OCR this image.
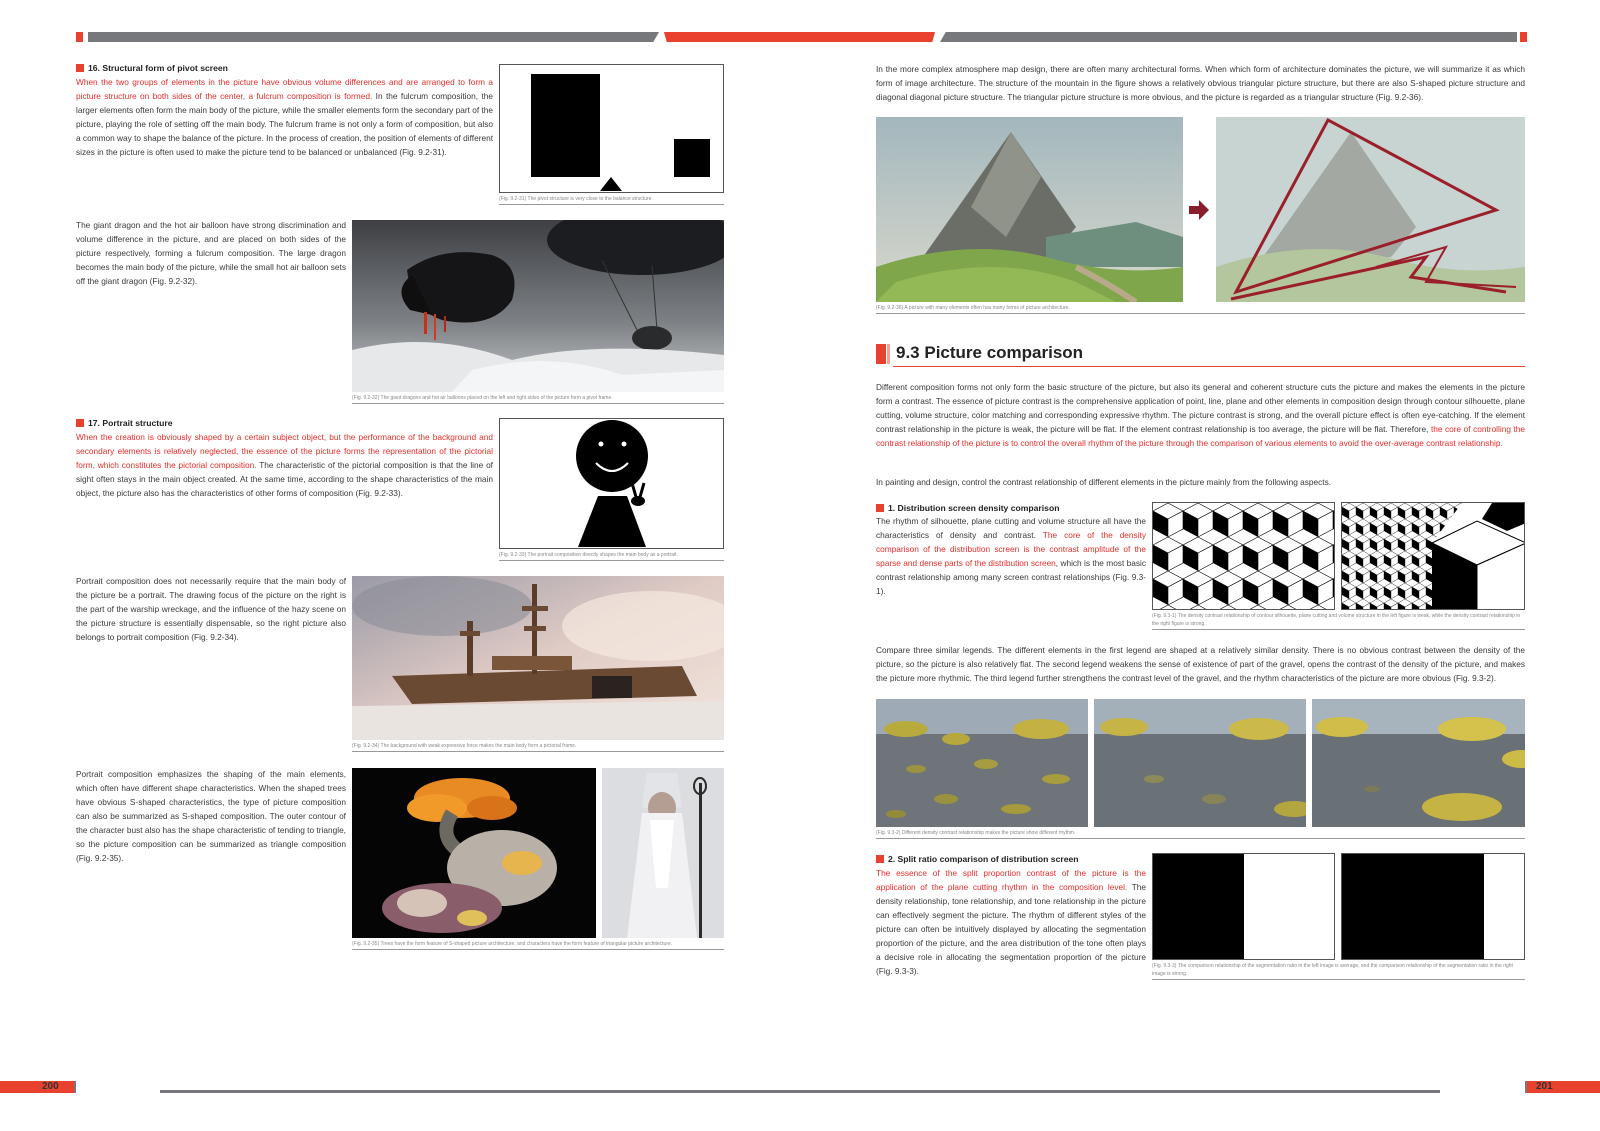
16. Structural form of pivot screen
When the two groups of elements in the picture have obvious volume differences and are arranged to form a picture structure on both sides of the center, a fulcrum composition is formed. In the fulcrum composition, the larger elements often form the main body of the picture, while the smaller elements form the secondary part of the picture, playing the role of setting off the main body. The fulcrum frame is not only a form of composition, but also a common way to shape the balance of the picture. In the process of creation, the position of elements of different sizes in the picture is often used to make the picture tend to be balanced or unbalanced (Fig. 9.2-31).
(Fig. 9.2-31) The pivot structure is very close to the balance structure.
The giant dragon and the hot air balloon have strong discrimination and volume difference in the picture, and are placed on both sides of the picture respectively, forming a fulcrum composition. The large dragon becomes the main body of the picture, while the small hot air balloon sets off the giant dragon (Fig. 9.2-32).
(Fig. 9.2-32) The giant dragons and hot air balloons placed on the left and right sides of the picture form a pivot frame.
17. Portrait structure
When the creation is obviously shaped by a certain subject object, but the performance of the background and secondary elements is relatively neglected, the essence of the picture forms the representation of the pictorial form, which constitutes the pictorial composition. The characteristic of the pictorial composition is that the line of sight often stays in the main object created. At the same time, according to the shape characteristics of the main object, the picture also has the characteristics of other forms of composition (Fig. 9.2-33).
(Fig. 9.2-33) The portrait composition directly shapes the main body as a portrait.
Portrait composition does not necessarily require that the main body of the picture be a portrait. The drawing focus of the picture on the right is the part of the warship wreckage, and the influence of the hazy scene on the picture structure is essentially dispensable, so the right picture also belongs to portrait composition (Fig. 9.2-34).
(Fig. 9.2-34) The background with weak expressive force makes the main body form a pictorial frame.
Portrait composition emphasizes the shaping of the main elements, which often have different shape characteristics. When the shaped trees have obvious S-shaped characteristics, the type of picture composition can also be summarized as S-shaped composition. The outer contour of the character bust also has the shape characteristic of tending to triangle, so the picture composition can be summarized as triangle composition (Fig. 9.2-35).
(Fig. 9.2-35) Trees have the form feature of S-shaped picture architecture, and characters have the form feature of triangular picture architecture.
In the more complex atmosphere map design, there are often many architectural forms. When which form of architecture dominates the picture, we will summarize it as which form of image architecture. The structure of the mountain in the figure shows a relatively obvious triangular picture structure, but there are also S-shaped picture structure and diagonal diagonal picture structure. The triangular picture structure is more obvious, and the picture is regarded as a triangular structure (Fig. 9.2-36).
(Fig. 9.2-36) A picture with many elements often has many forms of picture architecture.
9.3 Picture comparison
Different composition forms not only form the basic structure of the picture, but also its general and coherent structure cuts the picture and makes the elements in the picture form a contrast. The essence of picture contrast is the comprehensive application of point, line, plane and other elements in composition design through contour silhouette, plane cutting, volume structure, color matching and corresponding expressive rhythm. The picture contrast is strong, and the overall picture effect is often eye-catching. If the element contrast relationship in the picture is weak, the picture will be flat. If the element contrast relationship is too average, the picture will be flat. Therefore, the core of controlling the contrast relationship of the picture is to control the overall rhythm of the picture through the comparison of various elements to avoid the over-average contrast relationship.
In painting and design, control the contrast relationship of different elements in the picture mainly from the following aspects.
1. Distribution screen density comparison
The rhythm of silhouette, plane cutting and volume structure all have the characteristics of density and contrast. The core of the density comparison of the distribution screen is the contrast amplitude of the sparse and dense parts of the distribution screen, which is the most basic contrast relationship among many screen contrast relationships (Fig. 9.3-1).
(Fig. 9.3-1) The density contrast relationship of contour silhouette, plane cutting and volume structure in the left figure is weak, while the density contrast relationship in the right figure is strong.
Compare three similar legends. The different elements in the first legend are shaped at a relatively similar density. There is no obvious contrast between the density of the picture, so the picture is also relatively flat. The second legend weakens the sense of existence of part of the gravel, opens the contrast of the density of the picture, and makes the picture more rhythmic. The third legend further strengthens the contrast level of the gravel, and the rhythm characteristics of the picture are more obvious (Fig. 9.3-2).
(Fig. 9.3-2) Different density contrast relationship makes the picture show different rhythm.
2. Split ratio comparison of distribution screen
The essence of the split proportion contrast of the picture is the application of the plane cutting rhythm in the composition level. The density relationship, tone relationship, and tone relationship in the picture can effectively segment the picture. The rhythm of different styles of the picture can often be intuitively displayed by allocating the segmentation proportion of the picture, and the area distribution of the tone often plays a decisive role in allocating the segmentation proportion of the picture (Fig. 9.3-3).	(Fig. 9.3-3) The comparison relationship of the segmentation ratio in the left image is average, and the comparison relationship of the segmentation ratio in the right image is strong.
200	201
